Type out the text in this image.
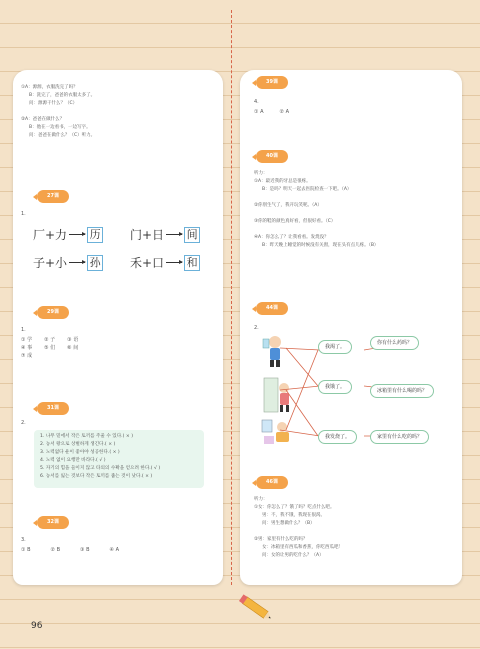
①A：源源，衣服洗完了吗？
B：洗完了，爸爸的衣服太多了。
问：源源干什么？（C）
②A：爸爸在做什么？
B：他在一边看书，一边写字。
问：爸爸在做什么？（C）听力。
27课
1.
厂+力 历 门+日 间
子+小 孙 禾+口 和
29课
1.
① 学 ② 子 ③ 语
④ 事 ⑤ 们 ⑥ 间
⑦ 成
31课
2.
32课
3.
① B	② B	③ B	④ A
1. 나무 밑에서 작은 토끼를 주울 수 있다.( × )
2. 농서 왕으로 상벌하게 생긴다.( × )
3. 노력없다 운이 좋아야 성공한다.( × )
4. 노력 없이 요행만 바라다.( √ )
5. 자기의 힘을 들이지 않고 타의의 수확을 얻으려 한다.( √ )
6. 농서를 잃는 것보다 작은 토끼를 줍는 것이 낫다.( × )
39课
4.
① A	② A
40课
听力：
①A：最近我的牙总是很疼。
B：是吗？明天一起去医院检查一下吧。（A）
②你别生气了，我开玩笑呢。（A）
③你的鞋的颜色真好看，但很好看。（C）
④A：你怎么了？让我看看。发烧没？
B：昨天晚上睡觉的时候没有关窗，现在头有点儿疼。（B）
44课
2.
我渴了。
我饿了。
我发烧了。
你有什么药吗？
冰箱里有什么喝的吗？
家里有什么吃的吗？
46课
听力：
①女：你怎么了？饿了吗？吃点什么吧。
男：不，我不饿，我现在很渴。
问：男生想做什么？（B）
②男：家里有什么吃的吗？
女：冰箱里有西瓜和香蕉，你吃西瓜吧！
问：女的让男的吃什么？（A）
96
